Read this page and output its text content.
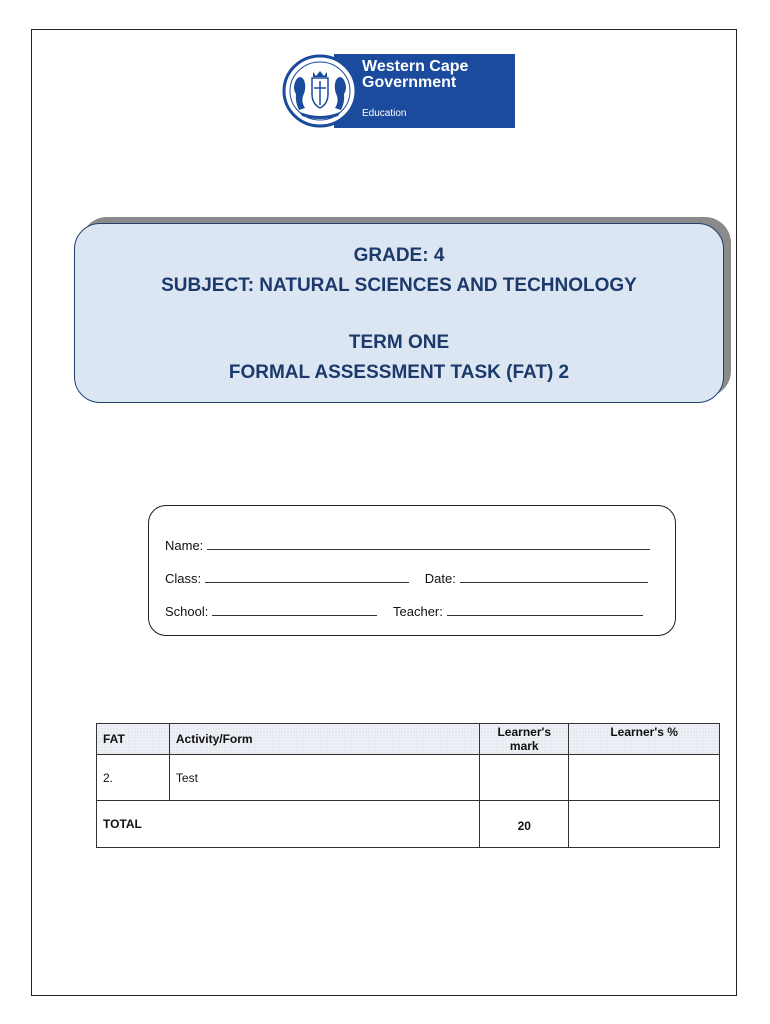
Western Cape Government
Education
GRADE: 4
SUBJECT: NATURAL SCIENCES AND TECHNOLOGY
TERM ONE
FORMAL ASSESSMENT TASK (FAT) 2
Name:
Class:	Date:
School:	Teacher:
FAT	Activity/Form	Learner's mark	Learner's %
2.	Test		
TOTAL		20	
